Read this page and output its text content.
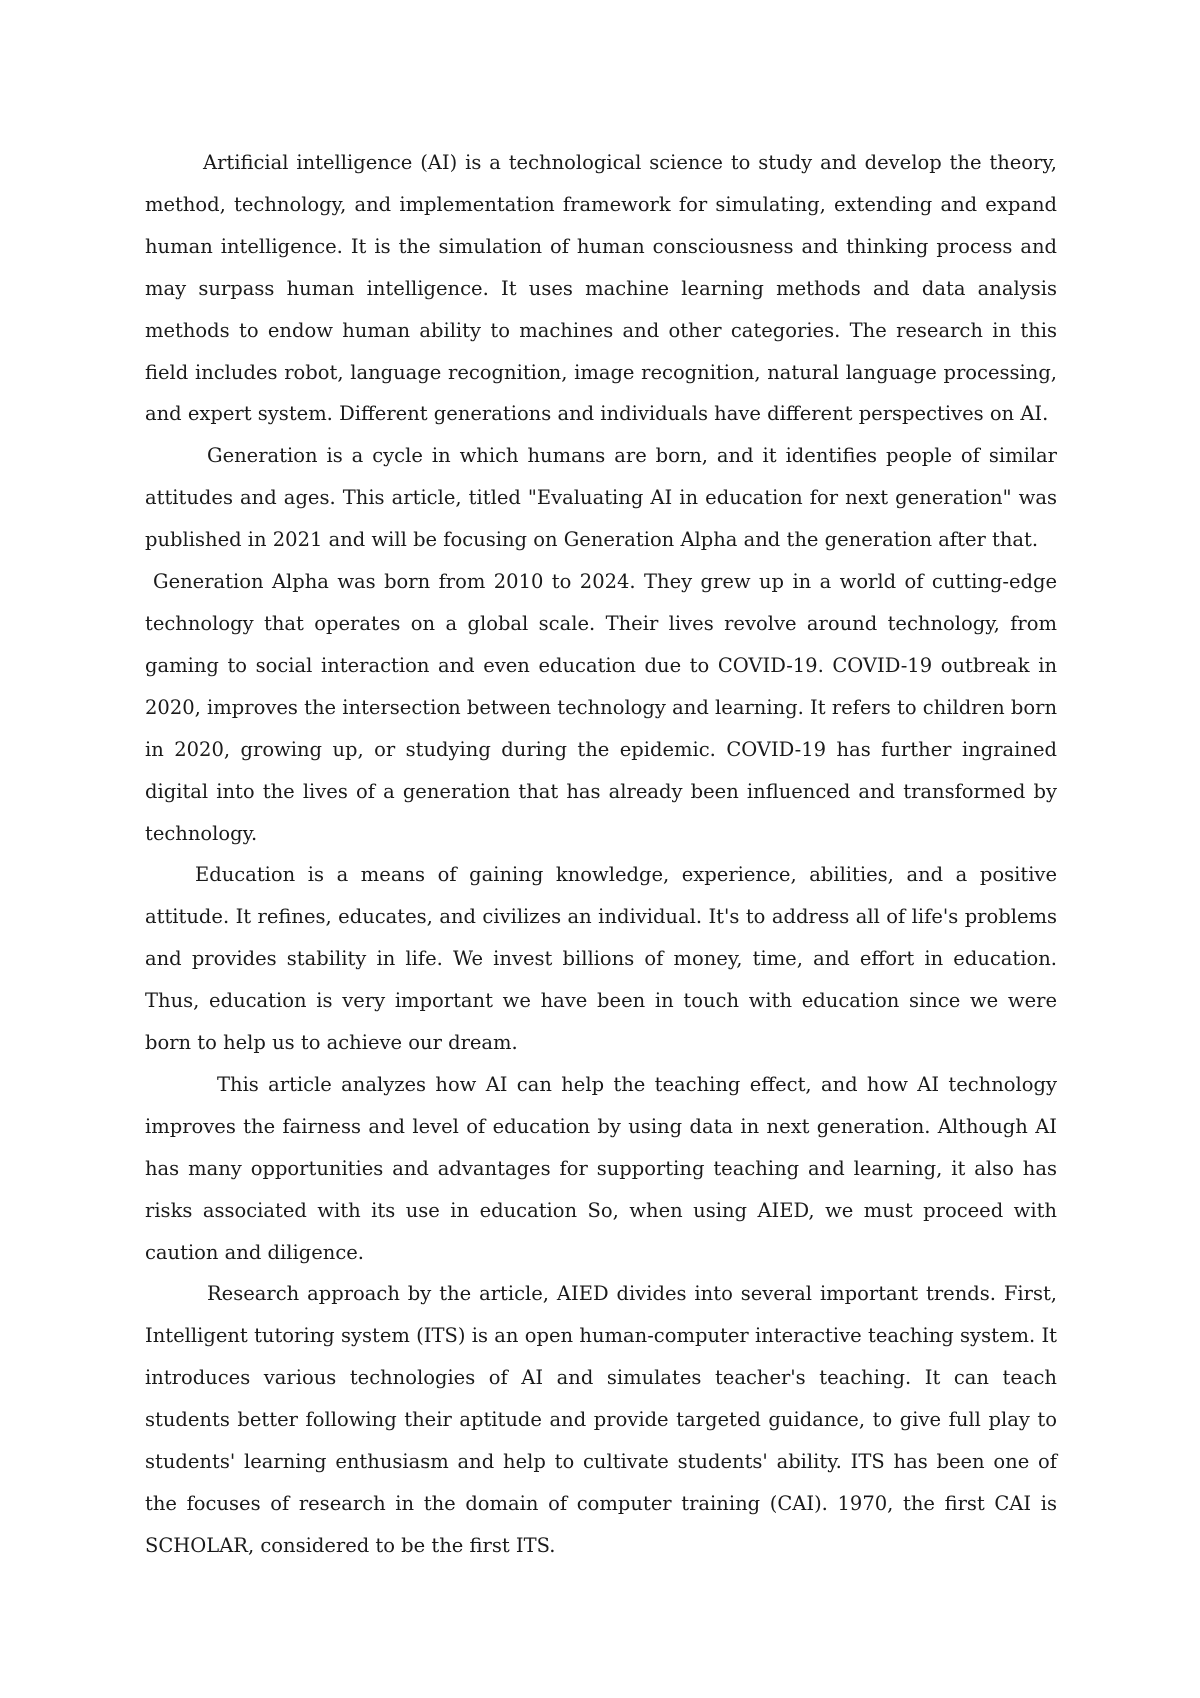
Artificial intelligence (AI) is a technological science to study and develop the theory, method, technology, and implementation framework for simulating, extending and expand human intelligence. It is the simulation of human consciousness and thinking process and may surpass human intelligence. It uses machine learning methods and data analysis methods to endow human ability to machines and other categories. The research in this field includes robot, language recognition, image recognition, natural language processing, and expert system. Different generations and individuals have different perspectives on AI.

Generation is a cycle in which humans are born, and it identifies people of similar attitudes and ages. This article, titled "Evaluating AI in education for next generation" was published in 2021 and will be focusing on Generation Alpha and the generation after that.

Generation Alpha was born from 2010 to 2024. They grew up in a world of cutting-edge technology that operates on a global scale. Their lives revolve around technology, from gaming to social interaction and even education due to COVID-19. COVID-19 outbreak in 2020, improves the intersection between technology and learning. It refers to children born in 2020, growing up, or studying during the epidemic. COVID-19 has further ingrained digital into the lives of a generation that has already been influenced and transformed by technology.

Education is a means of gaining knowledge, experience, abilities, and a positive attitude. It refines, educates, and civilizes an individual. It's to address all of life's problems and provides stability in life. We invest billions of money, time, and effort in education. Thus, education is very important we have been in touch with education since we were born to help us to achieve our dream.

This article analyzes how AI can help the teaching effect, and how AI technology improves the fairness and level of education by using data in next generation. Although AI has many opportunities and advantages for supporting teaching and learning, it also has risks associated with its use in education So, when using AIED, we must proceed with caution and diligence.

Research approach by the article, AIED divides into several important trends. First, Intelligent tutoring system (ITS) is an open human-computer interactive teaching system. It introduces various technologies of AI and simulates teacher's teaching. It can teach students better following their aptitude and provide targeted guidance, to give full play to students' learning enthusiasm and help to cultivate students' ability. ITS has been one of the focuses of research in the domain of computer training (CAI). 1970, the first CAI is SCHOLAR, considered to be the first ITS.
